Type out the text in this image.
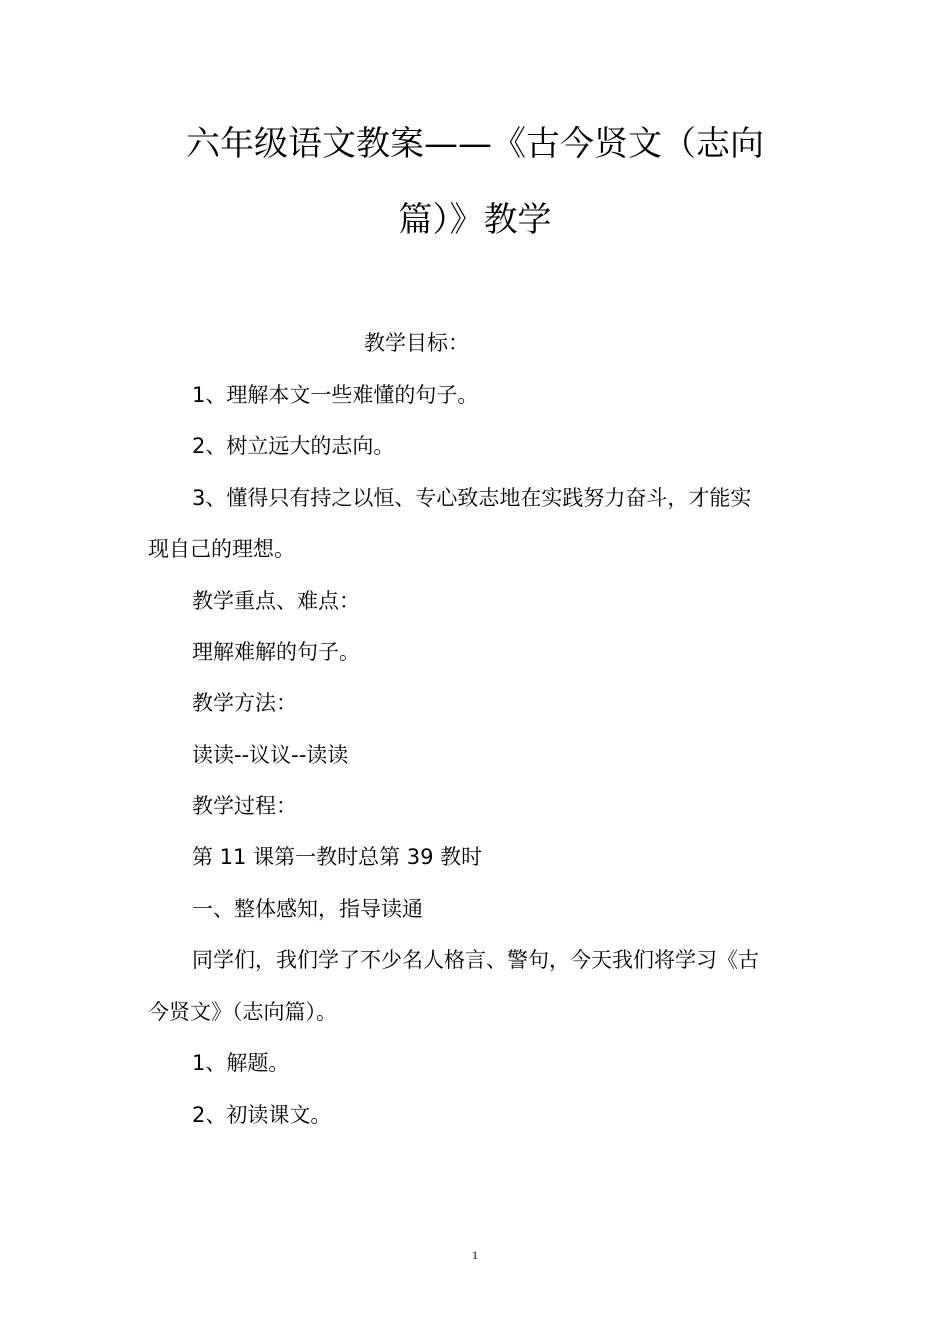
六年级语文教案——《古今贤文（志向
篇）》教学
教学目标：
1、理解本文一些难懂的句子。
2、树立远大的志向。
3、懂得只有持之以恒、专心致志地在实践努力奋斗，才能实
现自己的理想。
教学重点、难点：
理解难解的句子。
教学方法：
读读--议议--读读
教学过程：
第 11 课第一教时总第 39 教时
一、整体感知，指导读通
同学们，我们学了不少名人格言、警句，今天我们将学习《古
今贤文》（志向篇）。
1、解题。
2、初读课文。
1
